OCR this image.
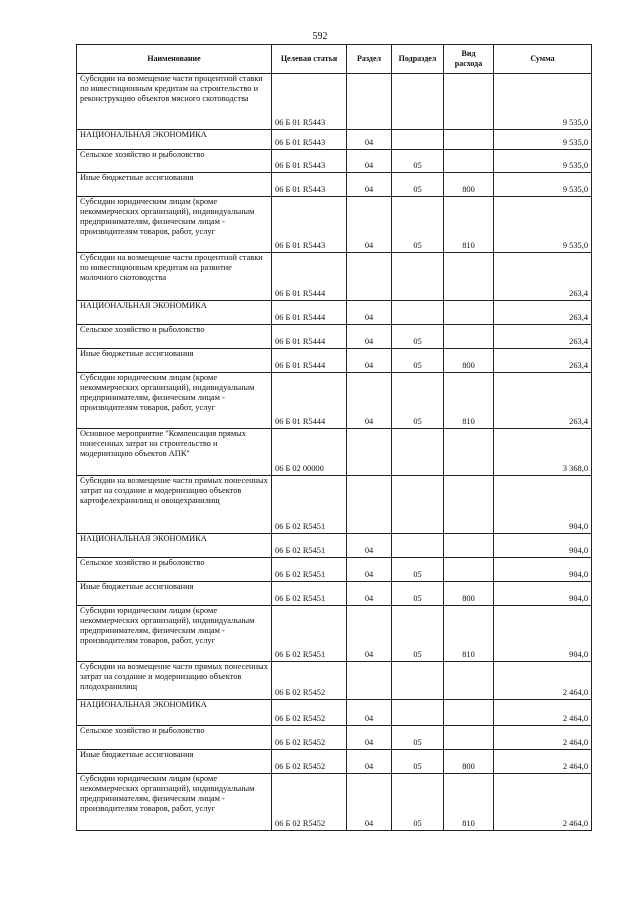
592
Наименование	Целевая статья	Раздел	Подраздел	Вид расхода	Сумма
Субсидии на возмещение части процентной ставки по инвестиционным кредитам на строительство и реконструкцию объектов мясного скотоводства	06 Б 01 R5443				9 535,0
НАЦИОНАЛЬНАЯ ЭКОНОМИКА	06 Б 01 R5443	04			9 535,0
Сельское хозяйство и рыболовство	06 Б 01 R5443	04	05		9 535,0
Иные бюджетные ассигнования	06 Б 01 R5443	04	05	800	9 535,0
Субсидии юридическим лицам (кроме некоммерческих организаций), индивидуальным предпринимателям, физическим лицам - производителям товаров, работ, услуг	06 Б 01 R5443	04	05	810	9 535,0
Субсидии на возмещение части процентной ставки по инвестиционным кредитам на развитие молочного скотоводства	06 Б 01 R5444				263,4
НАЦИОНАЛЬНАЯ ЭКОНОМИКА	06 Б 01 R5444	04			263,4
Сельское хозяйство и рыболовство	06 Б 01 R5444	04	05		263,4
Иные бюджетные ассигнования	06 Б 01 R5444	04	05	800	263,4
Субсидии юридическим лицам (кроме некоммерческих организаций), индивидуальным предпринимателям, физическим лицам - производителям товаров, работ, услуг	06 Б 01 R5444	04	05	810	263,4
Основное мероприятие "Компенсация прямых понесенных затрат на строительство и модернизацию объектов АПК"	06 Б 02 00000				3 368,0
Субсидии на возмещение части прямых понесенных затрат на создание и модернизацию объектов картофелехранилищ и овощехранилищ	06 Б 02 R5451				904,0
НАЦИОНАЛЬНАЯ ЭКОНОМИКА	06 Б 02 R5451	04			904,0
Сельское хозяйство и рыболовство	06 Б 02 R5451	04	05		904,0
Иные бюджетные ассигнования	06 Б 02 R5451	04	05	800	904,0
Субсидии юридическим лицам (кроме некоммерческих организаций), индивидуальным предпринимателям, физическим лицам - производителям товаров, работ, услуг	06 Б 02 R5451	04	05	810	904,0
Субсидии на возмещение части прямых понесенных затрат на создание и модернизацию объектов плодохранилищ	06 Б 02 R5452				2 464,0
НАЦИОНАЛЬНАЯ ЭКОНОМИКА	06 Б 02 R5452	04			2 464,0
Сельское хозяйство и рыболовство	06 Б 02 R5452	04	05		2 464,0
Иные бюджетные ассигнования	06 Б 02 R5452	04	05	800	2 464,0
Субсидии юридическим лицам (кроме некоммерческих организаций), индивидуальным предпринимателям, физическим лицам - производителям товаров, работ, услуг	06 Б 02 R5452	04	05	810	2 464,0
